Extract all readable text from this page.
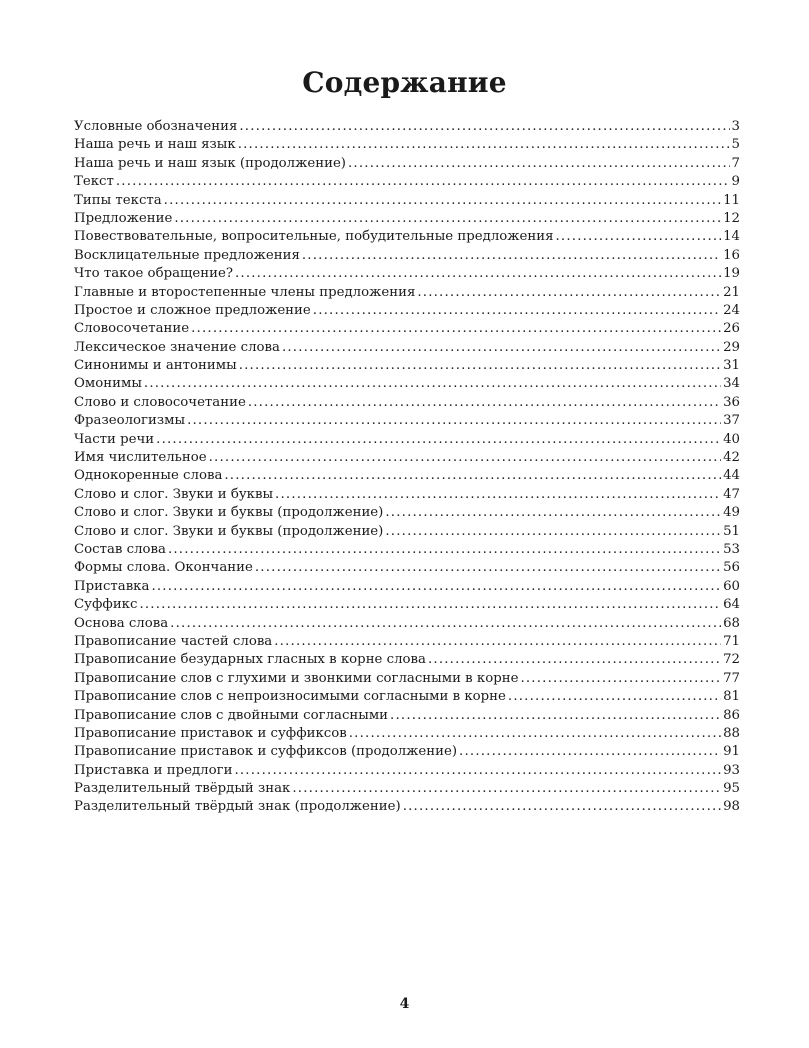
Содержание
Условные обозначения .....	3
Наша речь и наш язык .....	5
Наша речь и наш язык (продолжение) .....	7
Текст .....	9
Типы текста .....	11
Предложение .....	12
Повествовательные, вопросительные, побудительные предложения .....	14
Восклицательные предложения .....	16
Что такое обращение? .....	19
Главные и второстепенные члены предложения .....	21
Простое и сложное предложение .....	24
Словосочетание .....	26
Лексическое значение слова .....	29
Синонимы и антонимы .....	31
Омонимы .....	34
Слово и словосочетание .....	36
Фразеологизмы .....	37
Части речи .....	40
Имя числительное .....	42
Однокоренные слова .....	44
Слово и слог. Звуки и буквы .....	47
Слово и слог. Звуки и буквы (продолжение) .....	49
Слово и слог. Звуки и буквы (продолжение) .....	51
Состав слова .....	53
Формы слова. Окончание .....	56
Приставка .....	60
Суффикс .....	64
Основа слова .....	68
Правописание частей слова .....	71
Правописание безударных гласных в корне слова .....	72
Правописание слов с глухими и звонкими согласными в корне .....	77
Правописание слов с непроизносимыми согласными в корне .....	81
Правописание слов с двойными согласными .....	86
Правописание приставок и суффиксов .....	88
Правописание приставок и суффиксов (продолжение) .....	91
Приставка и предлоги .....	93
Разделительный твёрдый знак .....	95
Разделительный твёрдый знак (продолжение) .....	98
4
